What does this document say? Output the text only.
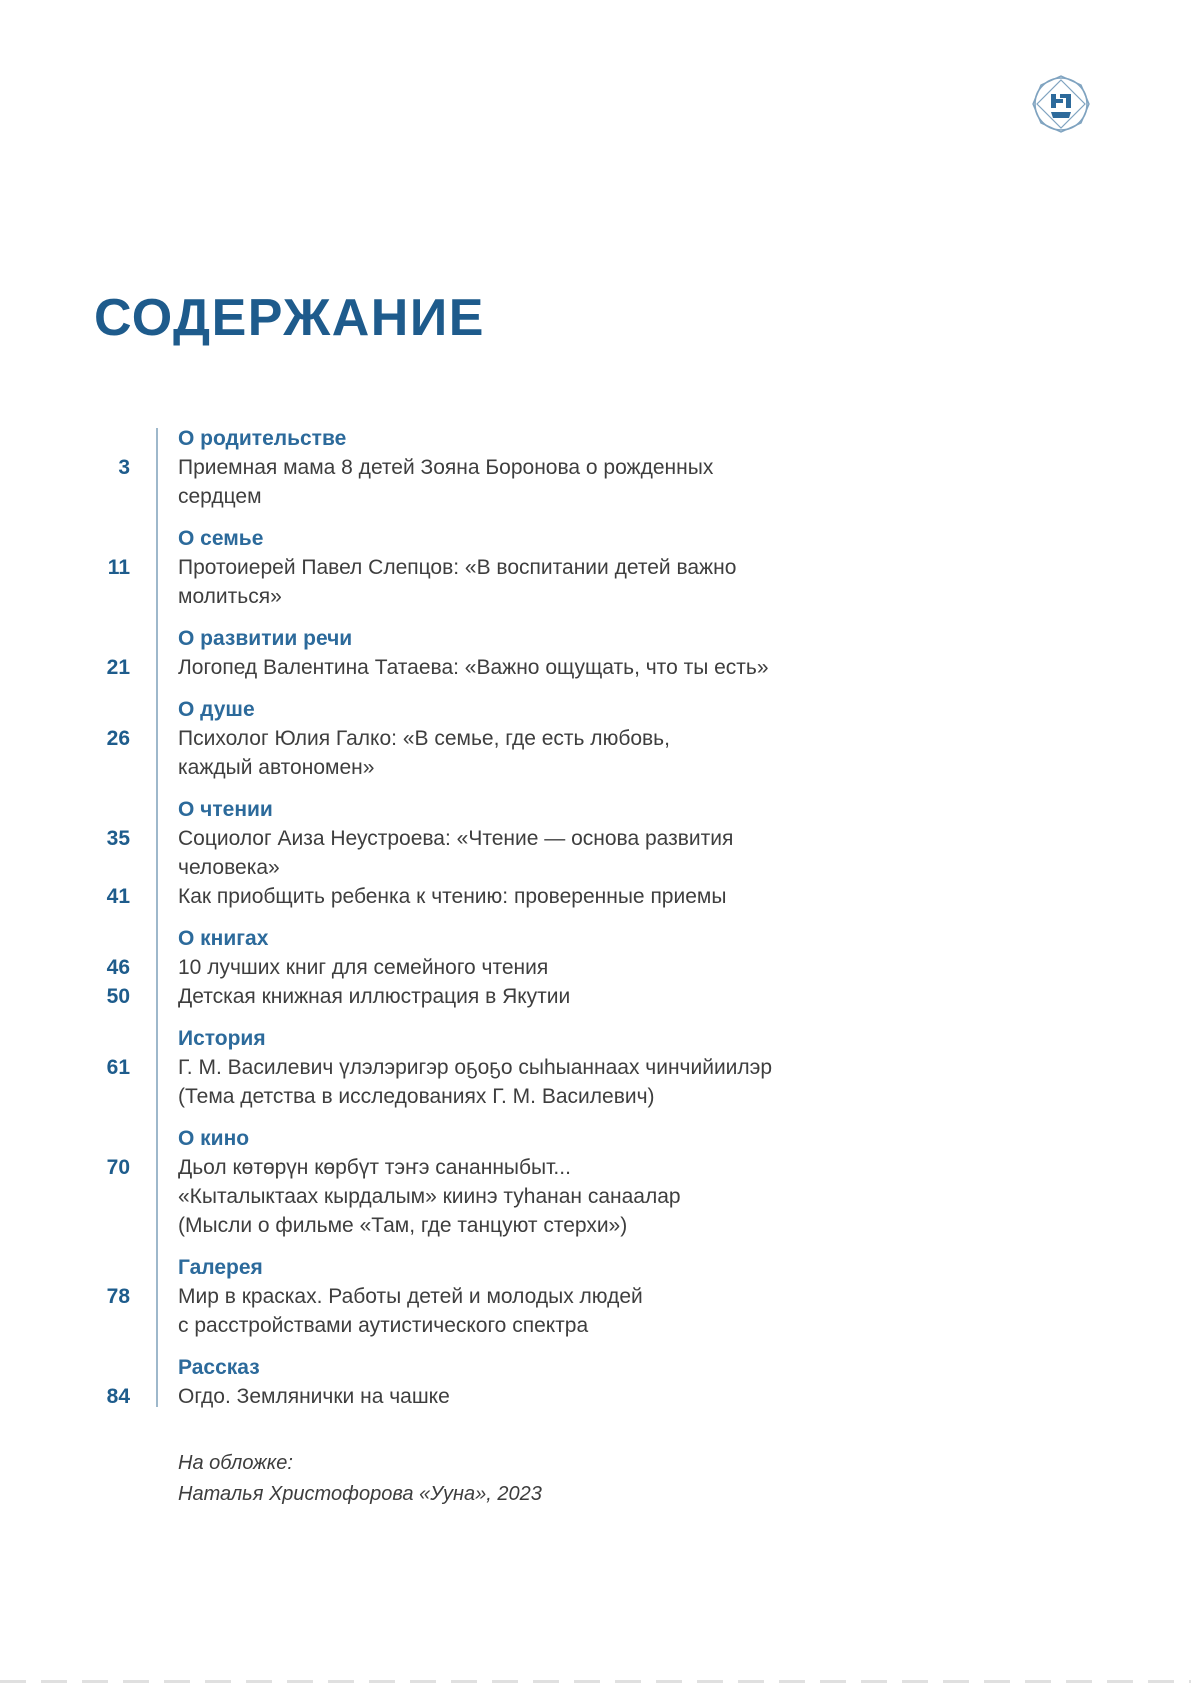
СОДЕРЖАНИЕ
О родительстве
3 Приемная мама 8 детей Зояна Боронова о рожденных
сердцем
О семье
11 Протоиерей Павел Слепцов: «В воспитании детей важно
молиться»
О развитии речи
21 Логопед Валентина Татаева: «Важно ощущать, что ты есть»
О душе
26 Психолог Юлия Галко: «В семье, где есть любовь,
каждый автономен»
О чтении
35 Социолог Аиза Неустроева: «Чтение — основа развития
человека»
41 Как приобщить ребенка к чтению: проверенные приемы
О книгах
46 10 лучших книг для семейного чтения
50 Детская книжная иллюстрация в Якутии
История
61 Г. М. Василевич үлэлэригэр оҕоҕо сыһыаннаах чинчийиилэр
(Тема детства в исследованиях Г. М. Василевич)
О кино
70 Дьол көтөрүн көрбүт тэҥэ сананныбыт...
«Кыталыктаах кырдалым» киинэ туһанан санаалар
(Мысли о фильме «Там, где танцуют стерхи»)
Галерея
78 Мир в красках. Работы детей и молодых людей
с расстройствами аутистического спектра
Рассказ
84 Огдо. Землянички на чашке
На обложке:
Наталья Христофорова «Ууна», 2023
